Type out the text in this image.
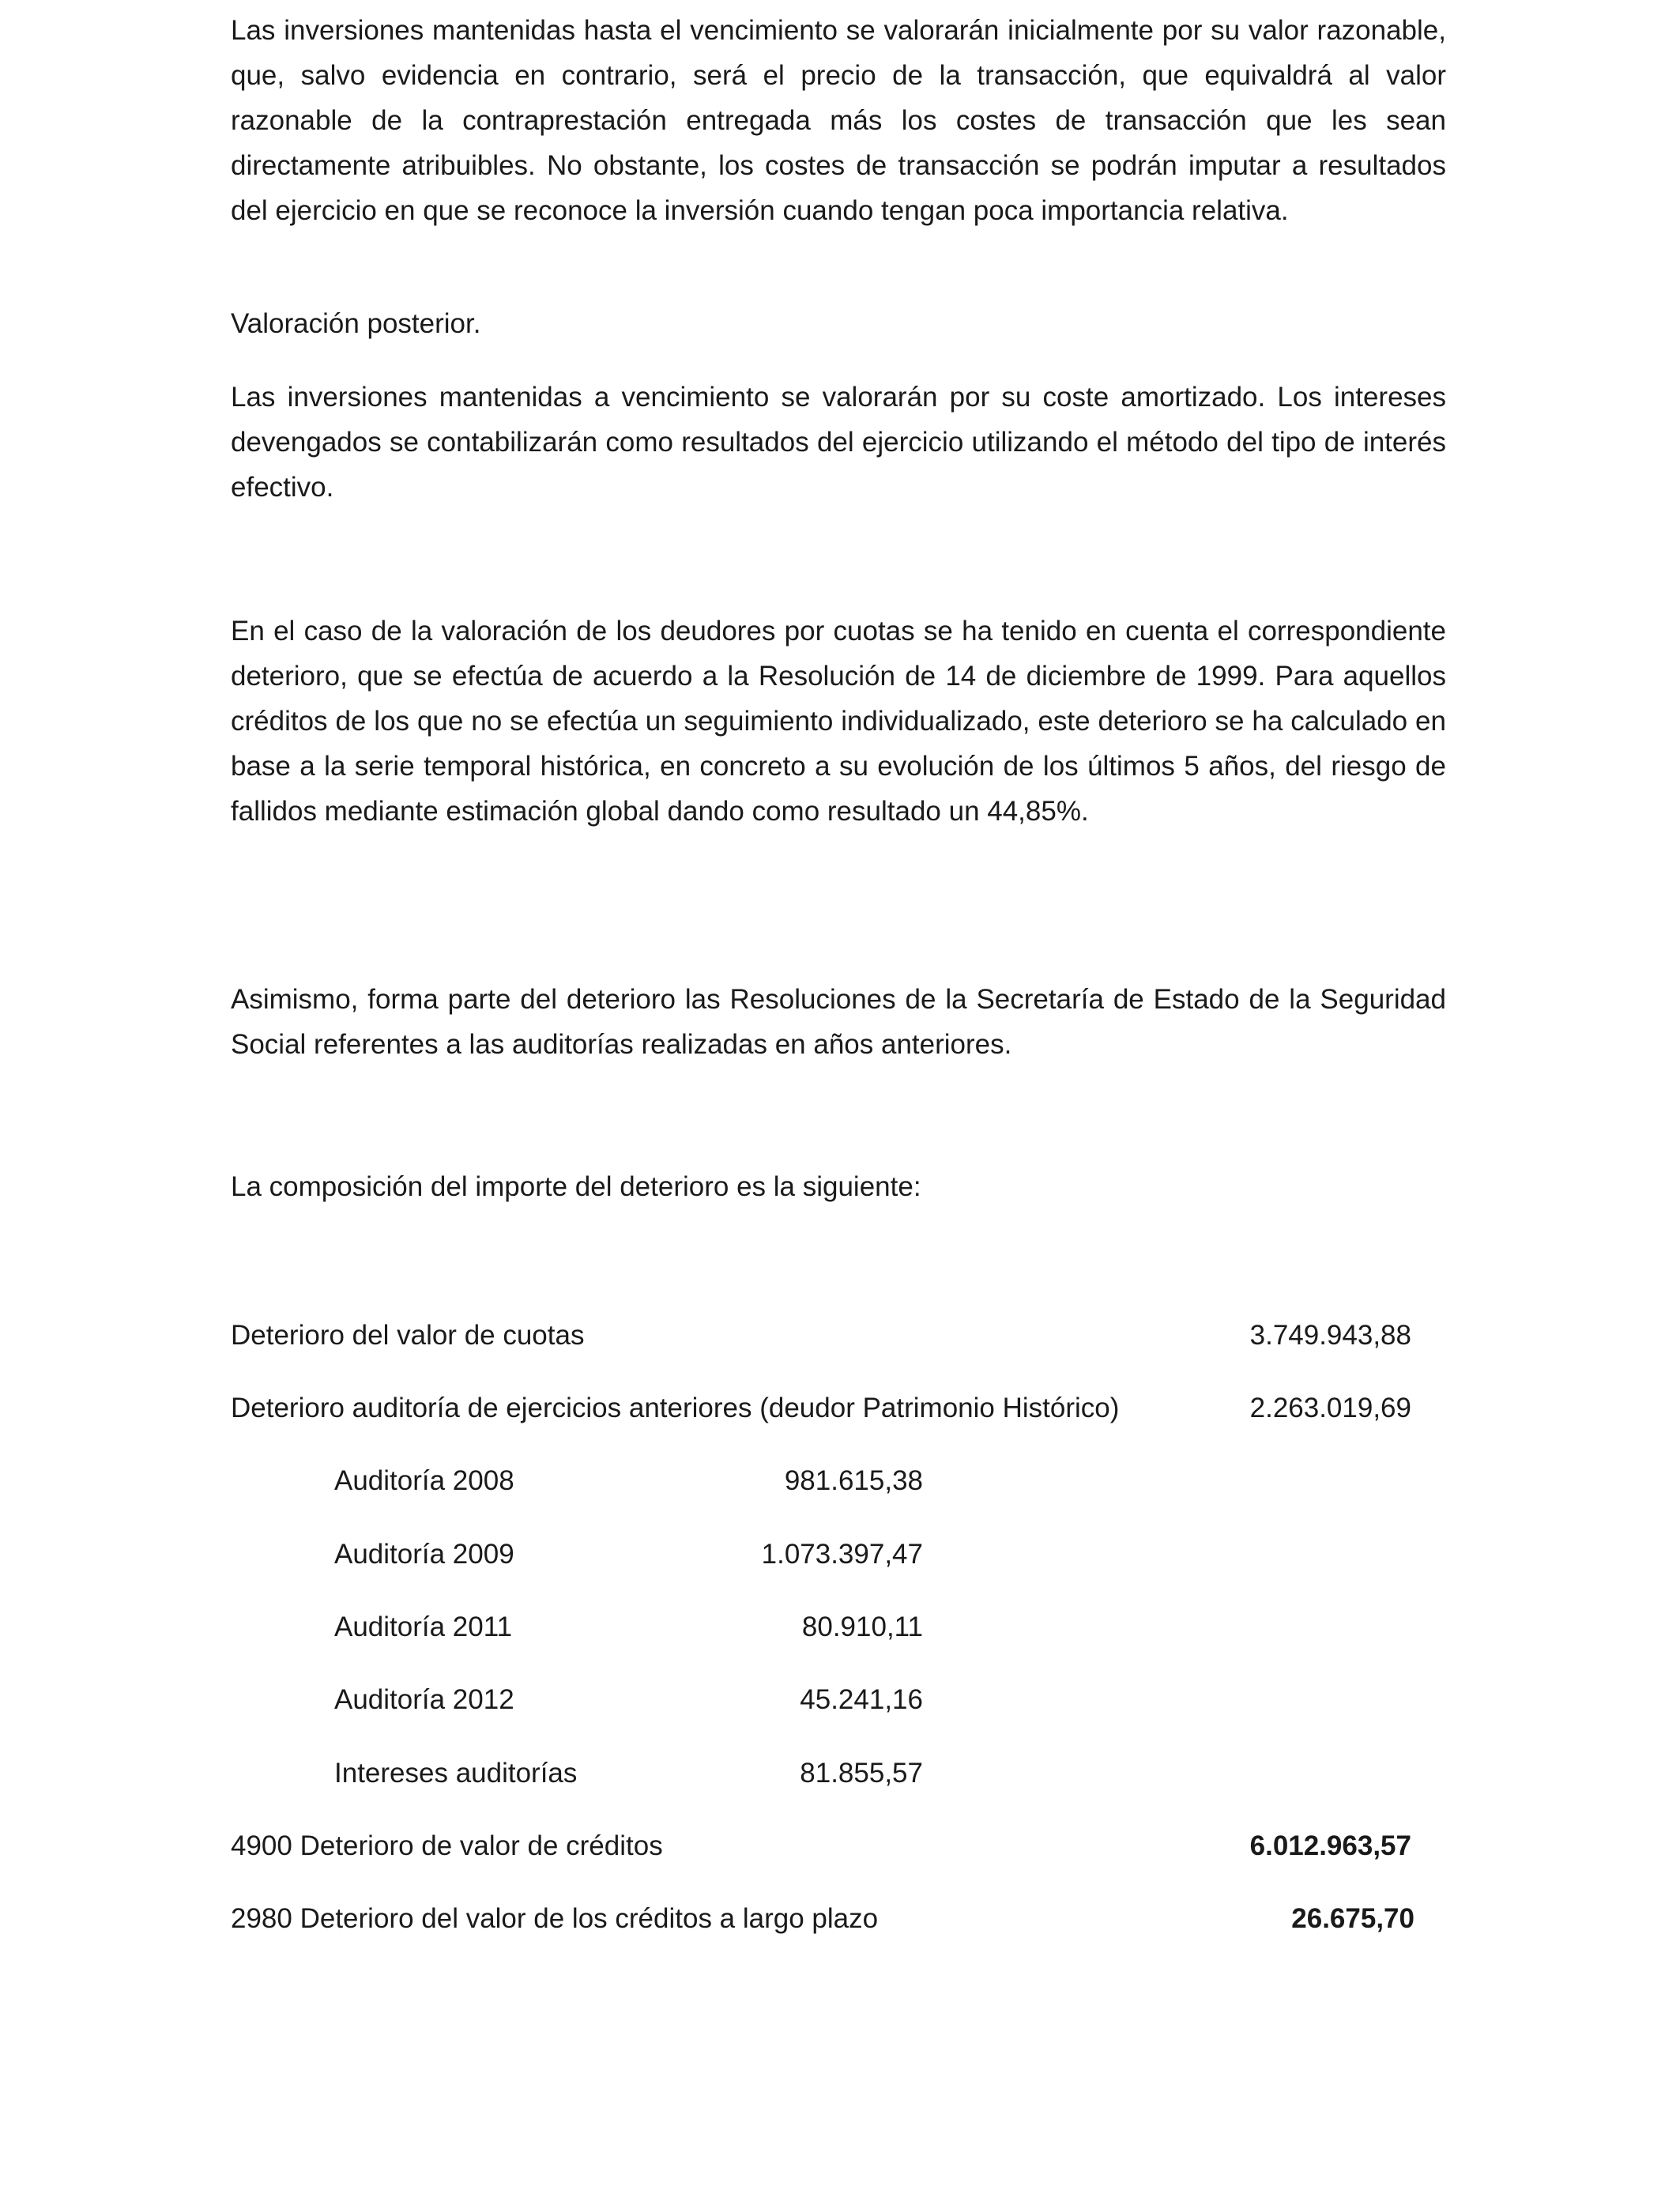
Las inversiones mantenidas hasta el vencimiento se valorarán inicialmente por su valor razonable, que, salvo evidencia en contrario, será el precio de la transacción, que equivaldrá al valor razonable de la contraprestación entregada más los costes de transacción que les sean directamente atribuibles. No obstante, los costes de transacción se podrán imputar a resultados del ejercicio en que se reconoce la inversión cuando tengan poca importancia relativa.

Valoración posterior.

Las inversiones mantenidas a vencimiento se valorarán por su coste amortizado. Los intereses devengados se contabilizarán como resultados del ejercicio utilizando el método del tipo de interés efectivo.

En el caso de la valoración de los deudores por cuotas se ha tenido en cuenta el correspondiente deterioro, que se efectúa de acuerdo a la Resolución de 14 de diciembre de 1999. Para aquellos créditos de los que no se efectúa un seguimiento individualizado, este deterioro se ha calculado en base a la serie temporal histórica, en concreto a su evolución de los últimos 5 años, del riesgo de fallidos mediante estimación global dando como resultado un 44,85%.

Asimismo, forma parte del deterioro las Resoluciones de la Secretaría de Estado de la Seguridad Social referentes a las auditorías realizadas en años anteriores.

La composición del importe del deterioro es la siguiente:

Deterioro del valor de cuotas	3.749.943,88
Deterioro auditoría de ejercicios anteriores (deudor Patrimonio Histórico)	2.263.019,69
Auditoría 2008	981.615,38
Auditoría 2009	1.073.397,47
Auditoría 2011	80.910,11
Auditoría 2012	45.241,16
Intereses auditorías	81.855,57
4900 Deterioro de valor de créditos	6.012.963,57
2980 Deterioro del valor de los créditos a largo plazo	26.675,70
